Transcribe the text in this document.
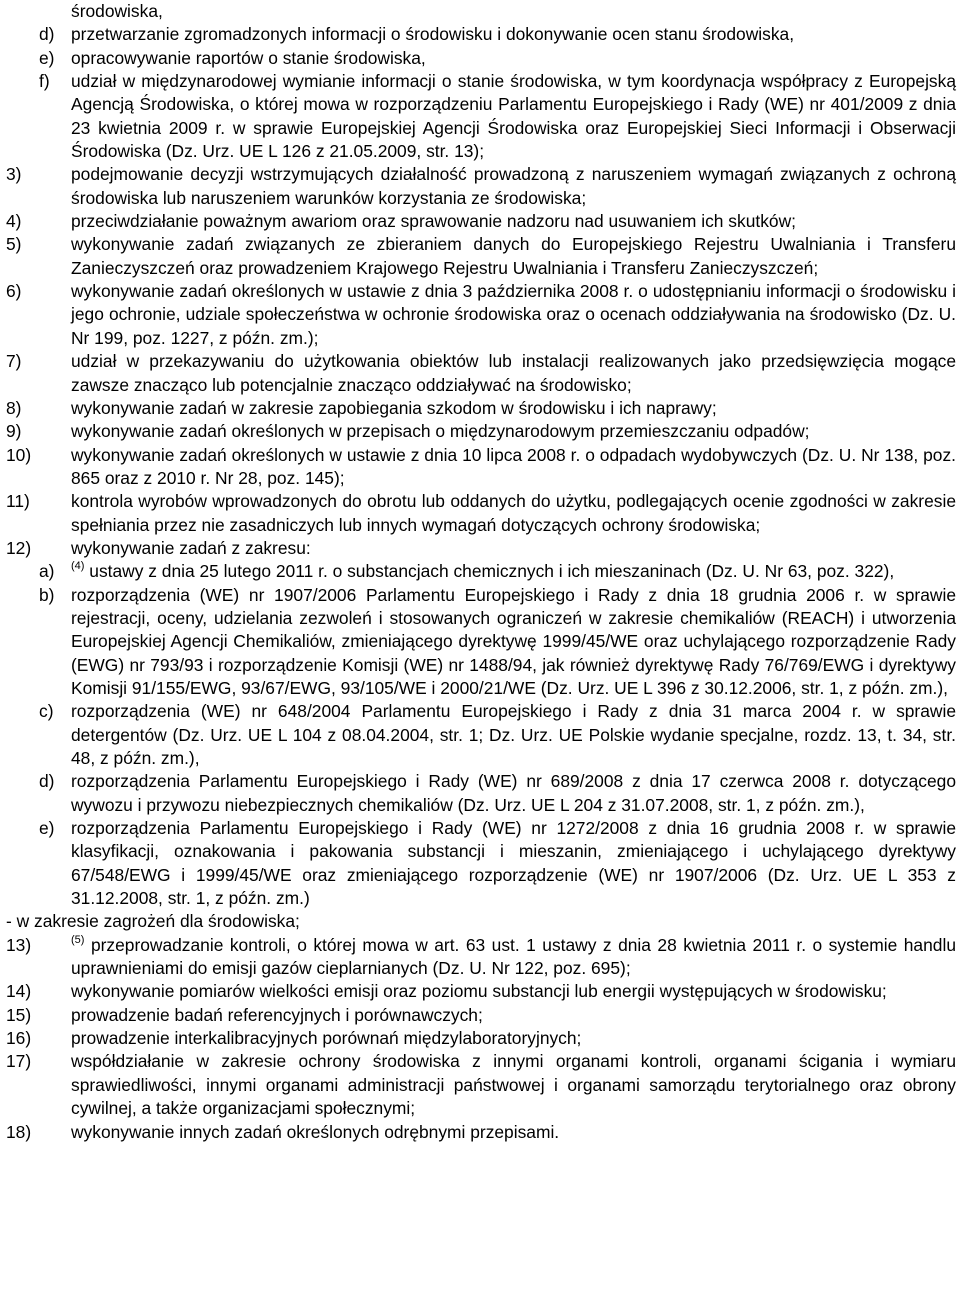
środowiska,
d) przetwarzanie zgromadzonych informacji o środowisku i dokonywanie ocen stanu środowiska,
e) opracowywanie raportów o stanie środowiska,
f) udział w międzynarodowej wymianie informacji o stanie środowiska, w tym koordynacja współpracy z Europejską Agencją Środowiska, o której mowa w rozporządzeniu Parlamentu Europejskiego i Rady (WE) nr 401/2009 z dnia 23 kwietnia 2009 r. w sprawie Europejskiej Agencji Środowiska oraz Europejskiej Sieci Informacji i Obserwacji Środowiska (Dz. Urz. UE L 126 z 21.05.2009, str. 13);
3)	podejmowanie decyzji wstrzymujących działalność prowadzoną z naruszeniem wymagań związanych z ochroną środowiska lub naruszeniem warunków korzystania ze środowiska;
4)	przeciwdziałanie poważnym awariom oraz sprawowanie nadzoru nad usuwaniem ich skutków;
5)	wykonywanie zadań związanych ze zbieraniem danych do Europejskiego Rejestru Uwalniania i Transferu Zanieczyszczeń oraz prowadzeniem Krajowego Rejestru Uwalniania i Transferu Zanieczyszczeń;
6)	wykonywanie zadań określonych w ustawie z dnia 3 października 2008 r. o udostępnianiu informacji o środowisku i jego ochronie, udziale społeczeństwa w ochronie środowiska oraz o ocenach oddziaływania na środowisko (Dz. U. Nr 199, poz. 1227, z późn. zm.);
7)	udział w przekazywaniu do użytkowania obiektów lub instalacji realizowanych jako przedsięwzięcia mogące zawsze znacząco lub potencjalnie znacząco oddziaływać na środowisko;
8)	wykonywanie zadań w zakresie zapobiegania szkodom w środowisku i ich naprawy;
9)	wykonywanie zadań określonych w przepisach o międzynarodowym przemieszczaniu odpadów;
10) wykonywanie zadań określonych w ustawie z dnia 10 lipca 2008 r. o odpadach wydobywczych (Dz. U. Nr 138, poz. 865 oraz z 2010 r. Nr 28, poz. 145);
11) kontrola wyrobów wprowadzonych do obrotu lub oddanych do użytku, podlegających ocenie zgodności w zakresie spełniania przez nie zasadniczych lub innych wymagań dotyczących ochrony środowiska;
12) wykonywanie zadań z zakresu:
a) $^{(4)}$ ustawy z dnia 25 lutego 2011 r. o substancjach chemicznych i ich mieszaninach (Dz. U. Nr 63, poz. 322),
b) rozporządzenia (WE) nr 1907/2006 Parlamentu Europejskiego i Rady z dnia 18 grudnia 2006 r. w sprawie rejestracji, oceny, udzielania zezwoleń i stosowanych ograniczeń w zakresie chemikaliów (REACH) i utworzenia Europejskiej Agencji Chemikaliów, zmieniającego dyrektywę 1999/45/WE oraz uchylającego rozporządzenie Rady (EWG) nr 793/93 i rozporządzenie Komisji (WE) nr 1488/94, jak również dyrektywę Rady 76/769/EWG i dyrektywy Komisji 91/155/EWG, 93/67/EWG, 93/105/WE i 2000/21/WE (Dz. Urz. UE L 396 z 30.12.2006, str. 1, z późn. zm.),
c) rozporządzenia (WE) nr 648/2004 Parlamentu Europejskiego i Rady z dnia 31 marca 2004 r. w sprawie detergentów (Dz. Urz. UE L 104 z 08.04.2004, str. 1; Dz. Urz. UE Polskie wydanie specjalne, rozdz. 13, t. 34, str. 48, z późn. zm.),
d) rozporządzenia Parlamentu Europejskiego i Rady (WE) nr 689/2008 z dnia 17 czerwca 2008 r. dotyczącego wywozu i przywozu niebezpiecznych chemikaliów (Dz. Urz. UE L 204 z 31.07.2008, str. 1, z późn. zm.),
e) rozporządzenia Parlamentu Europejskiego i Rady (WE) nr 1272/2008 z dnia 16 grudnia 2008 r. w sprawie klasyfikacji, oznakowania i pakowania substancji i mieszanin, zmieniającego i uchylającego dyrektywy 67/548/EWG i 1999/45/WE oraz zmieniającego rozporządzenie (WE) nr 1907/2006 (Dz. Urz. UE L 353 z 31.12.2008, str. 1, z późn. zm.)
- w zakresie zagrożeń dla środowiska;
13)	$^{(5)}$ przeprowadzanie kontroli, o której mowa w art. 63 ust. 1 ustawy z dnia 28 kwietnia 2011 r. o systemie handlu uprawnieniami do emisji gazów cieplarnianych (Dz. U. Nr 122, poz. 695);
14) wykonywanie pomiarów wielkości emisji oraz poziomu substancji lub energii występujących w środowisku;
15) prowadzenie badań referencyjnych i porównawczych;
16) prowadzenie interkalibracyjnych porównań międzylaboratoryjnych;
17) współdziałanie w zakresie ochrony środowiska z innymi organami kontroli, organami ścigania i wymiaru sprawiedliwości, innymi organami administracji państwowej i organami samorządu terytorialnego oraz obrony cywilnej, a także organizacjami społecznymi;
18) wykonywanie innych zadań określonych odrębnymi przepisami.
